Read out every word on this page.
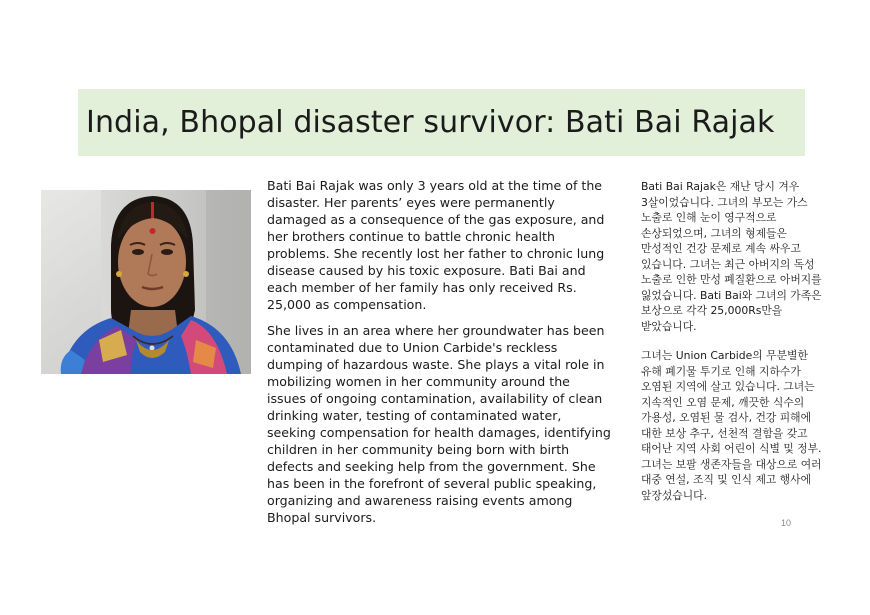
India, Bhopal disaster survivor: Bati Bai Rajak

Bati Bai Rajak was only 3 years old at the time of the disaster. Her parents’ eyes were permanently damaged as a consequence of the gas exposure, and her brothers continue to battle chronic health problems. She recently lost her father to chronic lung disease caused by his toxic exposure. Bati Bai and each member of her family has only received Rs. 25,000 as compensation.

She lives in an area where her groundwater has been contaminated due to Union Carbide's reckless dumping of hazardous waste. She plays a vital role in mobilizing women in her community around the issues of ongoing contamination, availability of clean drinking water, testing of contaminated water, seeking compensation for health damages, identifying children in her community being born with birth defects and seeking help from the government. She has been in the forefront of several public speaking, organizing and awareness raising events among Bhopal survivors.

Bati Bai Rajak은 재난 당시 겨우 3살이었습니다. 그녀의 부모는 가스 노출로 인해 눈이 영구적으로 손상되었으며, 그녀의 형제들은 만성적인 건강 문제로 계속 싸우고 있습니다. 그녀는 최근 아버지의 독성 노출로 인한 만성 폐질환으로 아버지를 잃었습니다. Bati Bai와 그녀의 가족은 보상으로 각각 25,000Rs만을 받았습니다.

그녀는 Union Carbide의 무분별한 유해 폐기물 투기로 인해 지하수가 오염된 지역에 살고 있습니다. 그녀는 지속적인 오염 문제, 깨끗한 식수의 가용성, 오염된 물 검사, 건강 피해에 대한 보상 추구, 선천적 결함을 갖고 태어난 지역 사회 어린이 식별 및 정부. 그녀는 보팔 생존자들을 대상으로 여러 대중 연설, 조직 및 인식 제고 행사에 앞장섰습니다.

10
